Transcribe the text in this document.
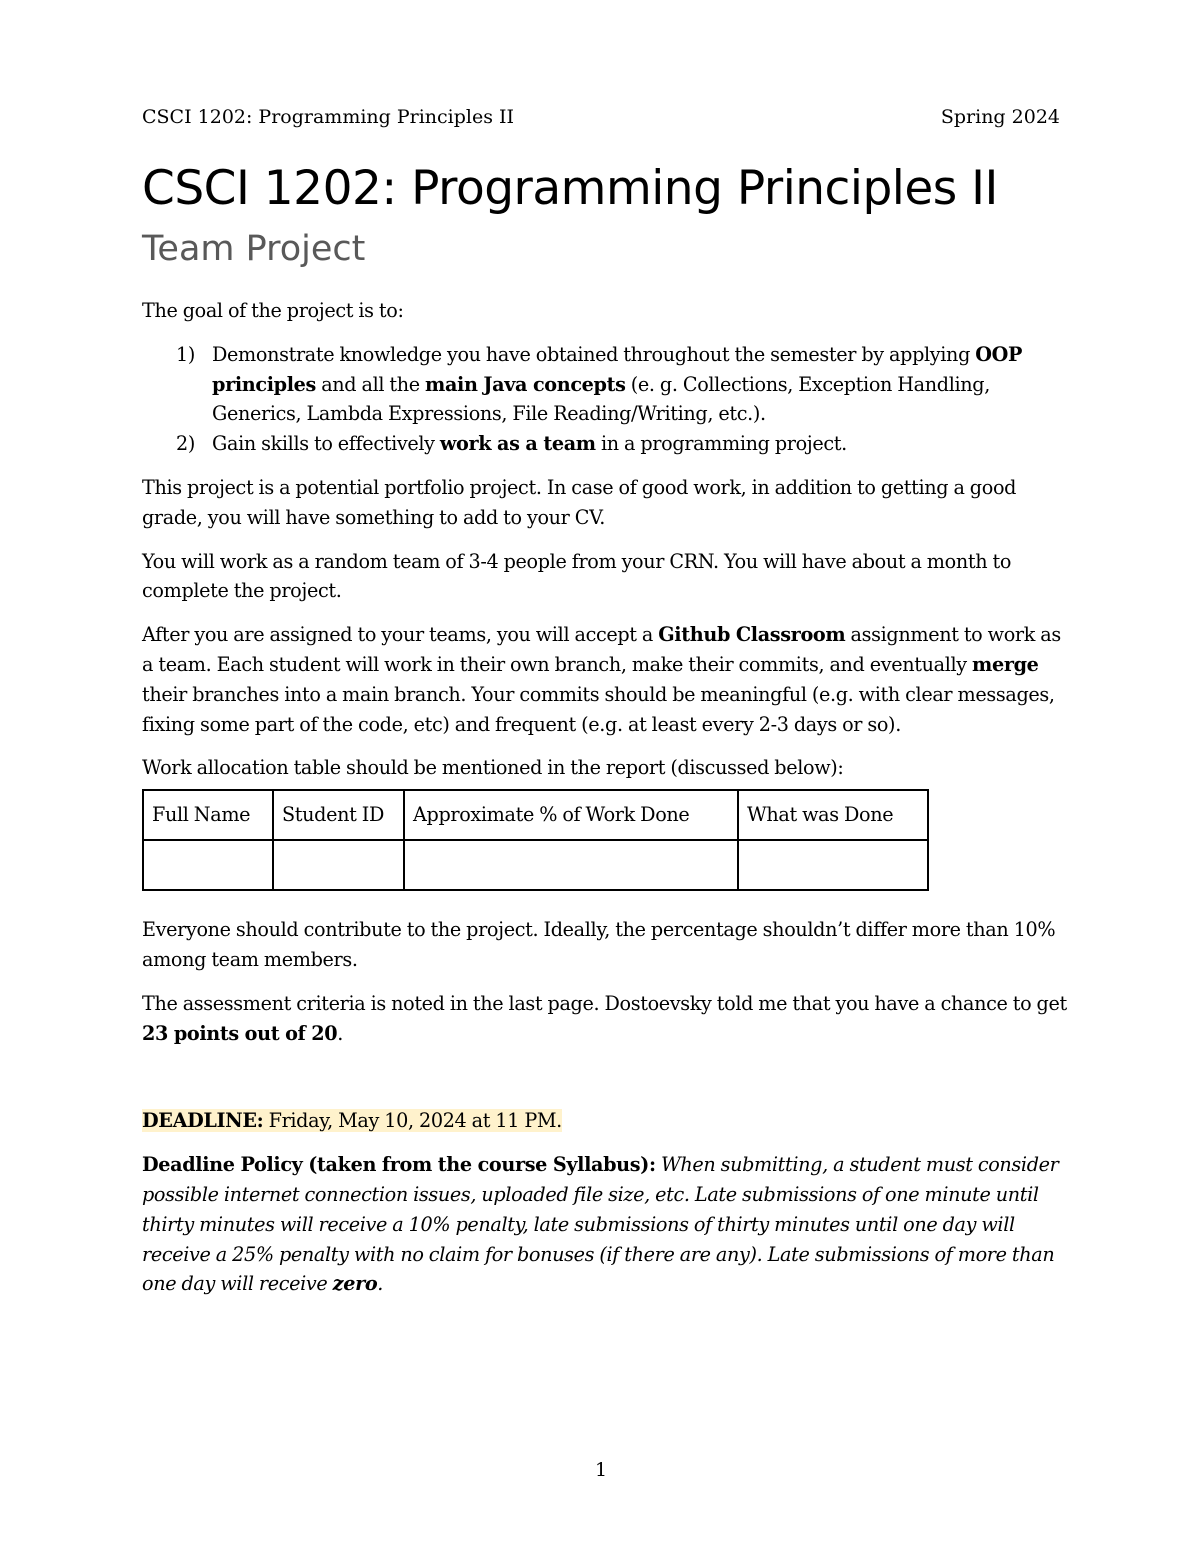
CSCI 1202: Programming Principles II	Spring 2024
CSCI 1202: Programming Principles II
Team Project

The goal of the project is to:

1) Demonstrate knowledge you have obtained throughout the semester by applying OOP principles and all the main Java concepts (e. g. Collections, Exception Handling, Generics, Lambda Expressions, File Reading/Writing, etc.).
2) Gain skills to effectively work as a team in a programming project.

This project is a potential portfolio project. In case of good work, in addition to getting a good grade, you will have something to add to your CV.

You will work as a random team of 3-4 people from your CRN. You will have about a month to complete the project.

After you are assigned to your teams, you will accept a Github Classroom assignment to work as a team. Each student will work in their own branch, make their commits, and eventually merge their branches into a main branch. Your commits should be meaningful (e.g. with clear messages, fixing some part of the code, etc) and frequent (e.g. at least every 2-3 days or so).

Work allocation table should be mentioned in the report (discussed below):

Full Name	Student ID	Approximate % of Work Done	What was Done

Everyone should contribute to the project. Ideally, the percentage shouldn’t differ more than 10% among team members.

The assessment criteria is noted in the last page. Dostoevsky told me that you have a chance to get 23 points out of 20.

DEADLINE: Friday, May 10, 2024 at 11 PM.

Deadline Policy (taken from the course Syllabus): When submitting, a student must consider possible internet connection issues, uploaded file size, etc. Late submissions of one minute until thirty minutes will receive a 10% penalty, late submissions of thirty minutes until one day will receive a 25% penalty with no claim for bonuses (if there are any). Late submissions of more than one day will receive zero.

1
